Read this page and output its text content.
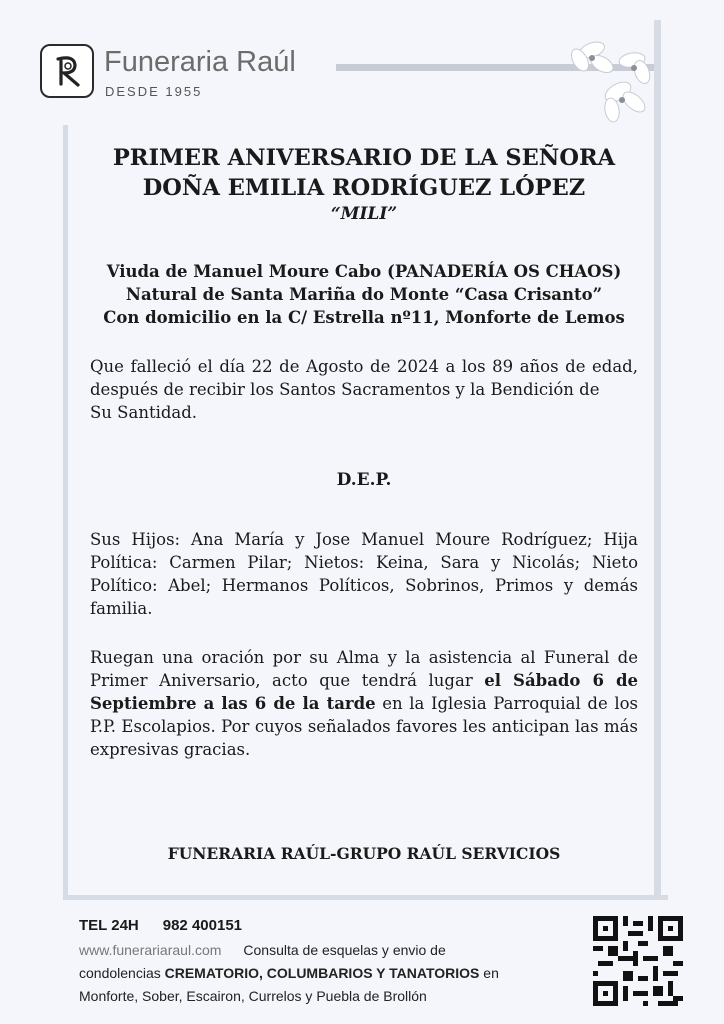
Funeraria Raúl
DESDE 1955
PRIMER ANIVERSARIO DE LA SEÑORA
DOÑA EMILIA RODRÍGUEZ LÓPEZ
“MILI”
Viuda de Manuel Moure Cabo (PANADERÍA OS CHAOS)
Natural de Santa Mariña do Monte “Casa Crisanto”
Con domicilio en la C/ Estrella nº11, Monforte de Lemos
Que falleció el día 22 de Agosto de 2024 a los 89 años de edad, después de recibir los Santos Sacramentos y la Bendición de
Su Santidad.
D.E.P.
Sus Hijos: Ana María y Jose Manuel Moure Rodríguez; Hija Política: Carmen Pilar; Nietos: Keina, Sara y Nicolás; Nieto Político: Abel; Hermanos Políticos, Sobrinos, Primos y demás familia.
Ruegan una oración por su Alma y la asistencia al Funeral de Primer Aniversario, acto que tendrá lugar el Sábado 6 de Septiembre a las 6 de la tarde en la Iglesia Parroquial de los P.P. Escolapios. Por cuyos señalados favores les anticipan las más expresivas gracias.
FUNERARIA RAÚL-GRUPO RAÚL SERVICIOS
TEL 24H 982 400151
www.funerariaraul.com Consulta de esquelas y envio de
condolencias CREMATORIO, COLUMBARIOS Y TANATORIOS en
Monforte, Sober, Escairon, Currelos y Puebla de Brollón
